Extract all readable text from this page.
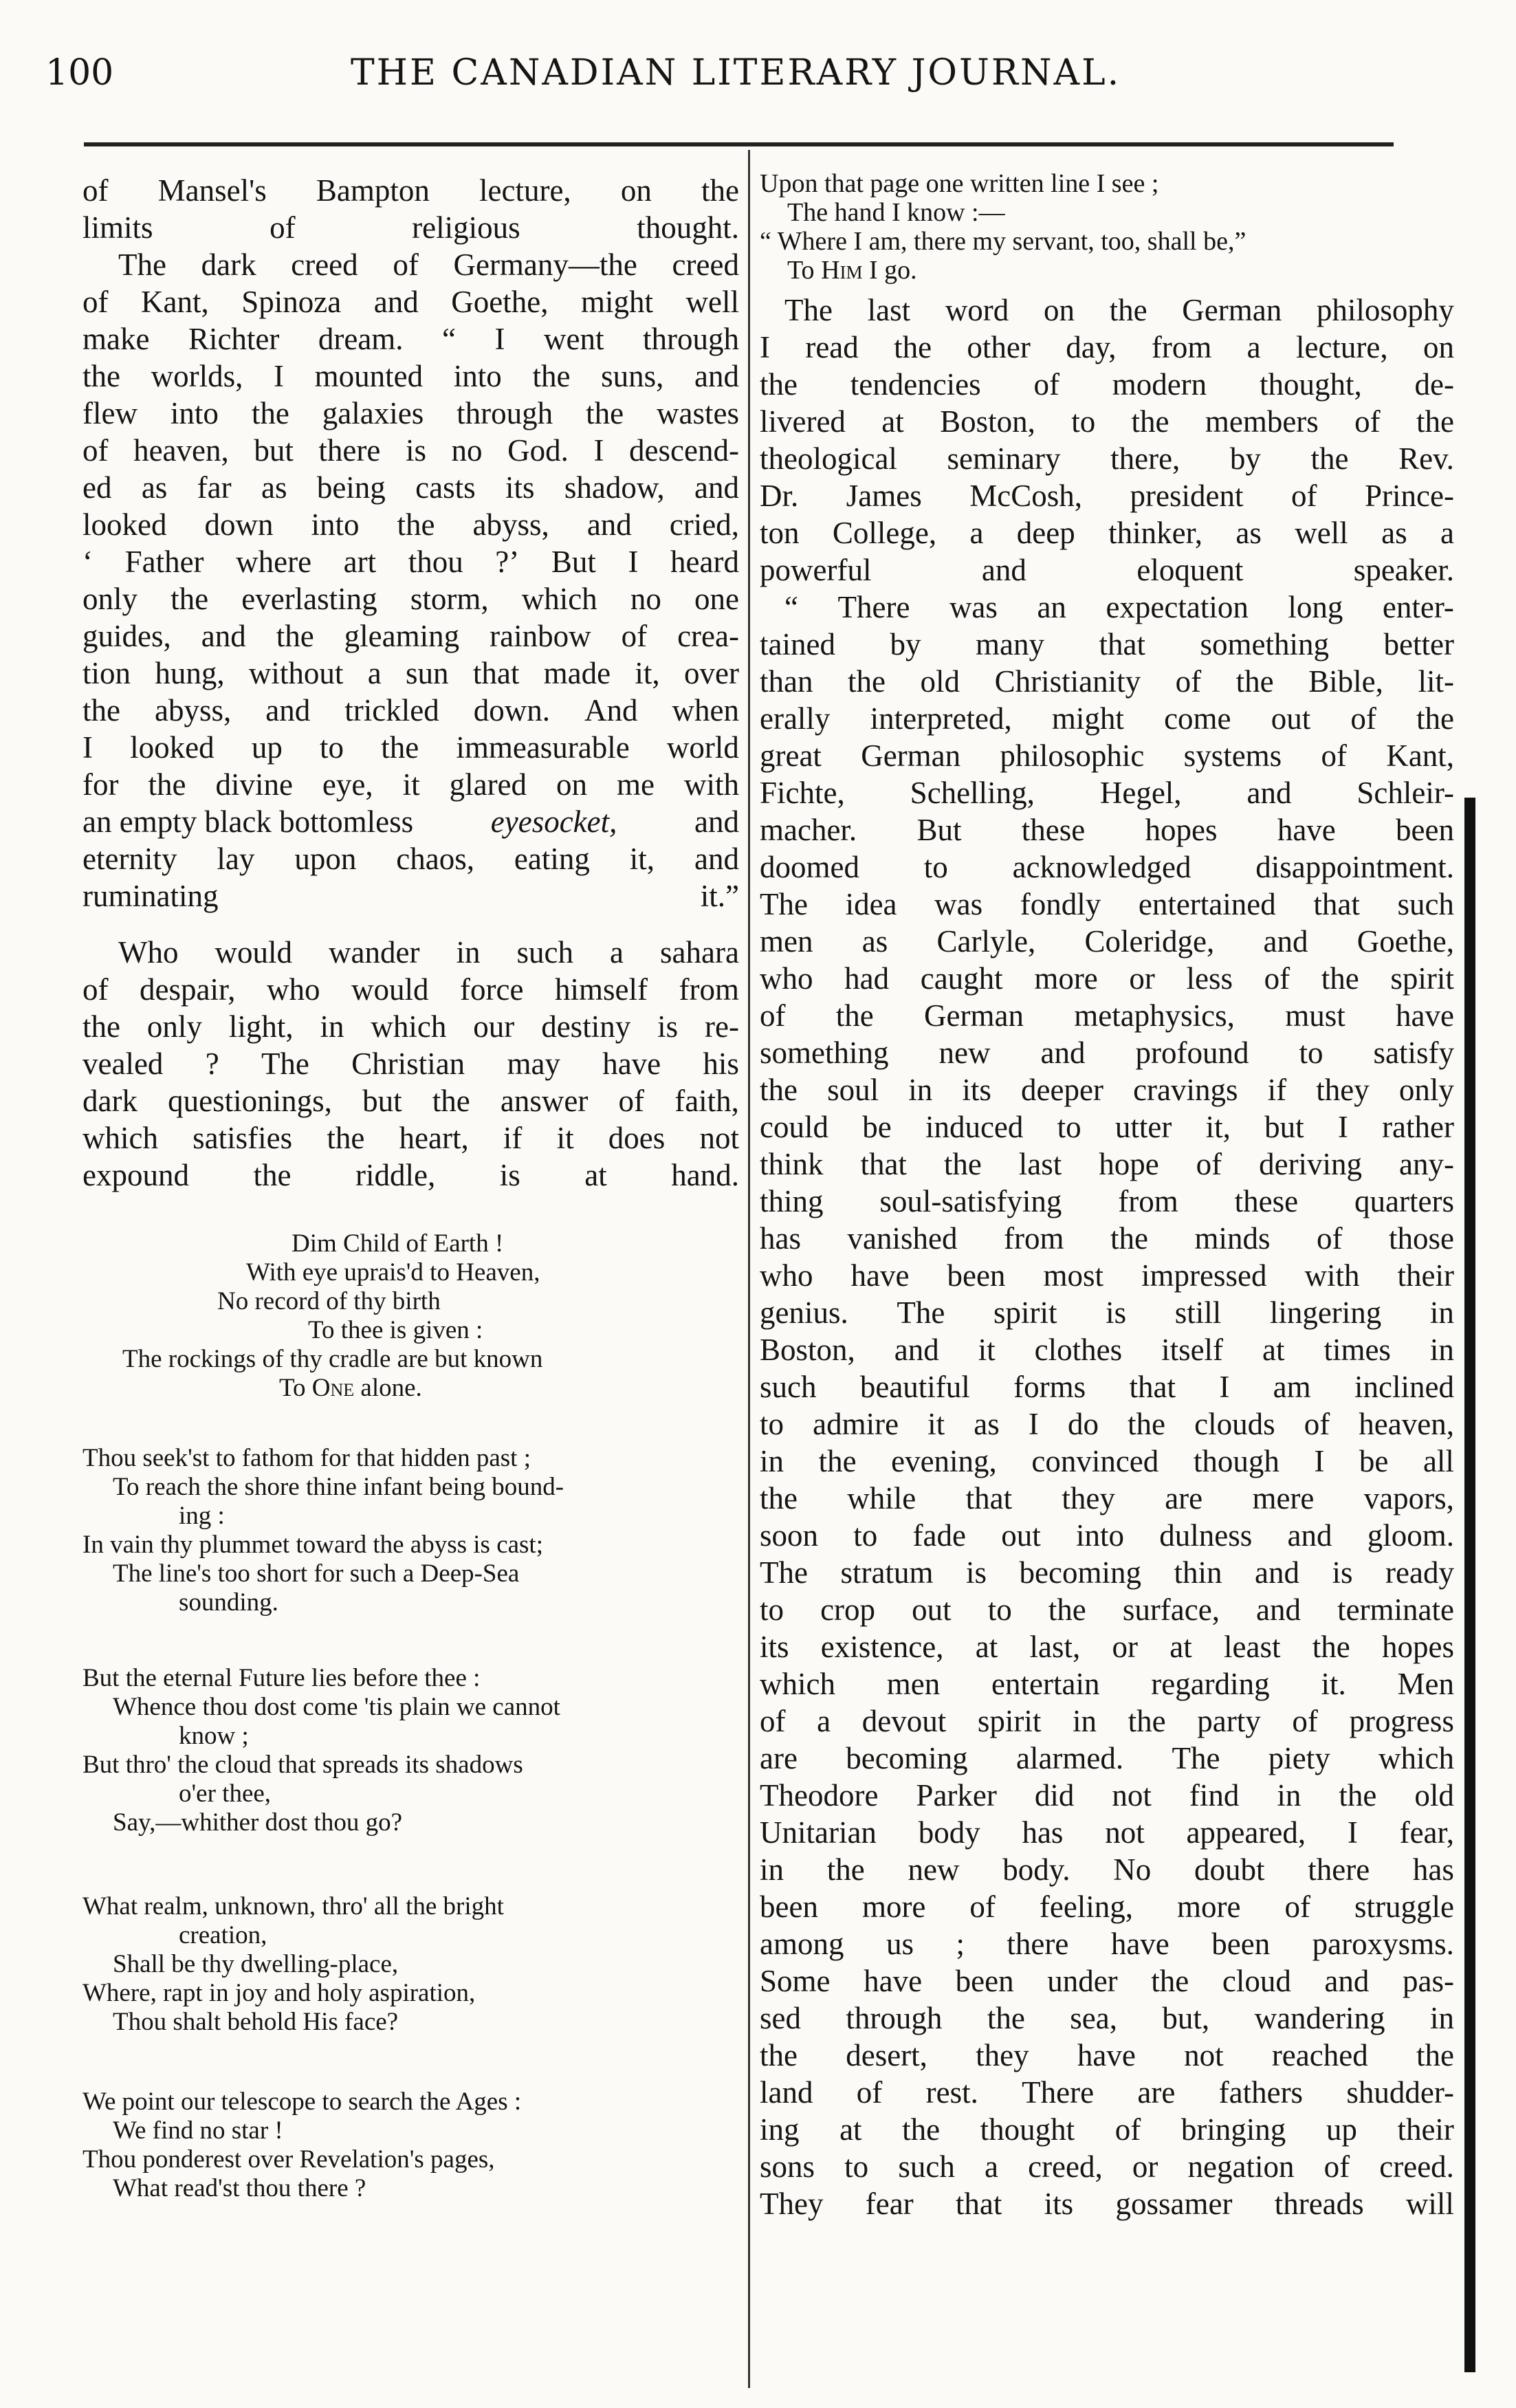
100	THE CANADIAN LITERARY JOURNAL.

of Mansel's Bampton lecture, on the
limits of religious thought.

The dark creed of Germany—the creed
of Kant, Spinoza and Goethe, might well
make Richter dream. “ I went through
the worlds, I mounted into the suns, and
flew into the galaxies through the wastes
of heaven, but there is no God. I descend-
ed as far as being casts its shadow, and
looked down into the abyss, and cried,
‘ Father where art thou ?’ But I heard
only the everlasting storm, which no one
guides, and the gleaming rainbow of crea-
tion hung, without a sun that made it, over
the abyss, and trickled down. And when
I looked up to the immeasurable world
for the divine eye, it glared on me with
an empty black bottomless	eyesocket,	and
eternity lay upon chaos, eating it, and
ruminating it.”
Who would wander in such a sahara
of despair, who would force himself from
the only light, in which our destiny is re-
vealed ? The Christian may have his
dark questionings, but the answer of faith,
which satisfies the heart, if it does not
expound the riddle, is at hand.
Dim Child of Earth !
With eye uprais'd to Heaven,
No record of thy birth
To thee is given :
The rockings of thy cradle are but known
To One alone.
Thou seek'st to fathom for that hidden past ;
To reach the shore thine infant being bound-
ing :
In vain thy plummet toward the abyss is cast;
The line's too short for such a Deep-Sea
sounding.
But the eternal Future lies before thee :
Whence thou dost come 'tis plain we cannot
know ;
But thro' the cloud that spreads its shadows
o'er thee,
Say,—whither dost thou go?
What realm, unknown, thro' all the bright
creation,
Shall be thy dwelling-place,
Where, rapt in joy and holy aspiration,
Thou shalt behold His face?
We point our telescope to search the Ages :
We find no star !
Thou ponderest over Revelation's pages,
What read'st thou there ?
Upon that page one written line I see ;
The hand I know :—
“ Where I am, there my servant, too, shall be,”
To Him I go.
The last word on the German philosophy
I read the other day, from a lecture, on
the tendencies of modern thought, de-
livered at Boston, to the members of the
theological seminary there, by the Rev.
Dr. James McCosh, president of Prince-
ton College, a deep thinker, as well as a
powerful and eloquent speaker.
“ There was an expectation long enter-
tained by many that something better
than the old Christianity of the Bible, lit-
erally interpreted, might come out of the
great German philosophic systems of Kant,
Fichte, Schelling, Hegel, and Schleir-
macher. But these hopes have been
doomed to acknowledged disappointment.
The idea was fondly entertained that such
men as Carlyle, Coleridge, and Goethe,
who had caught more or less of the spirit
of the German metaphysics, must have
something new and profound to satisfy
the soul in its deeper cravings if they only
could be induced to utter it, but I rather
think that the last hope of deriving any-
thing soul-satisfying from these quarters
has vanished from the minds of those
who have been most impressed with their
genius. The spirit is still lingering in
Boston, and it clothes itself at times in
such beautiful forms that I am inclined
to admire it as I do the clouds of heaven,
in the evening, convinced though I be all
the while that they are mere vapors,
soon to fade out into dulness and gloom.
The stratum is becoming thin and is ready
to crop out to the surface, and terminate
its existence, at last, or at least the hopes
which men entertain regarding it. Men
of a devout spirit in the party of progress
are becoming alarmed. The piety which
Theodore Parker did not find in the old
Unitarian body has not appeared, I fear,
in the new body. No doubt there has
been more of feeling, more of struggle
among us ; there have been paroxysms.
Some have been under the cloud and pas-
sed through the sea, but, wandering in
the desert, they have not reached the
land of rest. There are fathers shudder-
ing at the thought of bringing up their
sons to such a creed, or negation of creed.
They fear that its gossamer threads will
